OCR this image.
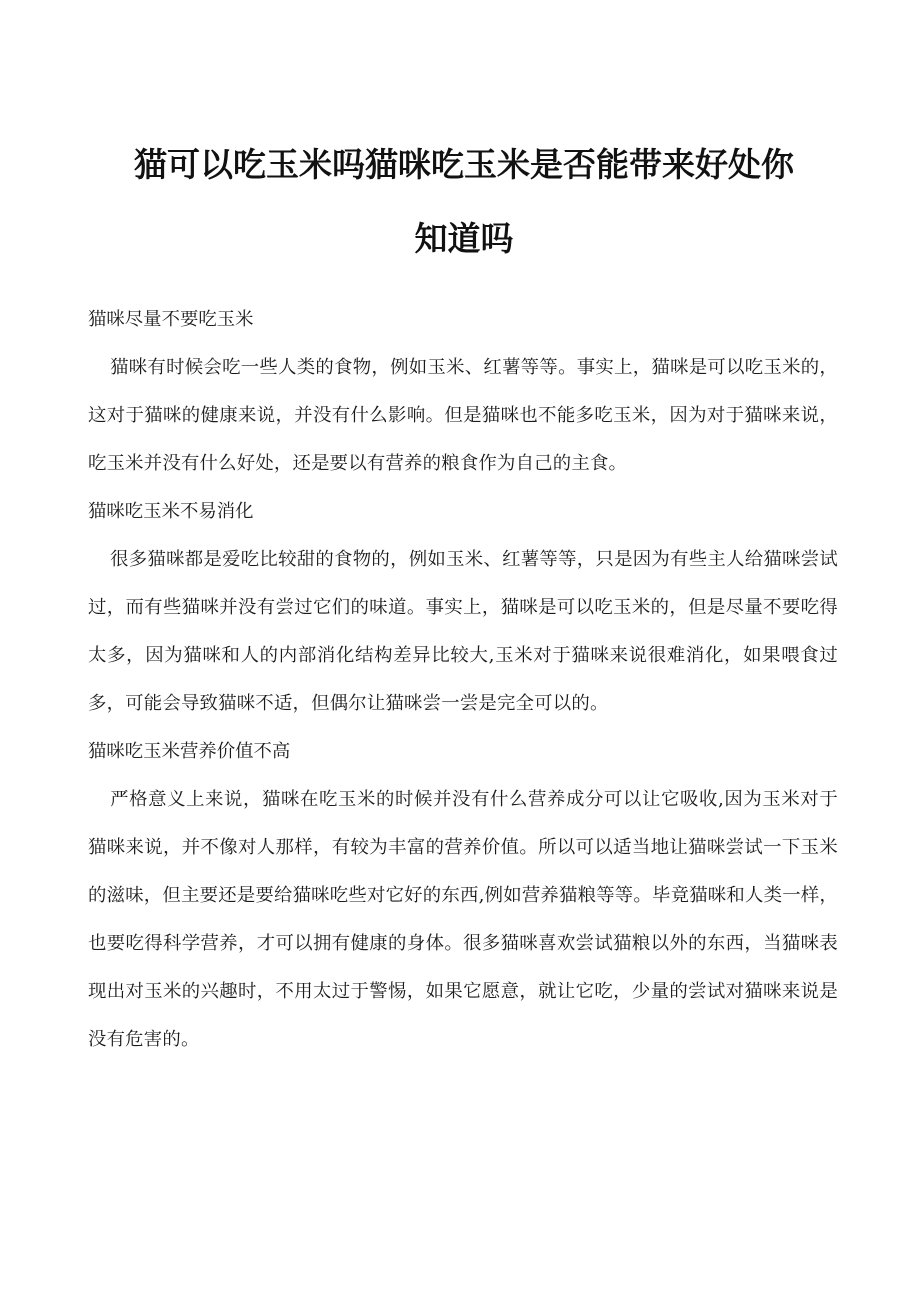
猫可以吃玉米吗猫咪吃玉米是否能带来好处你
知道吗
猫咪尽量不要吃玉米

猫咪有时候会吃一些人类的食物，例如玉米、红薯等等。事实上，猫咪是可以吃玉米的，这对于猫咪的健康来说，并没有什么影响。但是猫咪也不能多吃玉米，因为对于猫咪来说，吃玉米并没有什么好处，还是要以有营养的粮食作为自己的主食。

猫咪吃玉米不易消化

很多猫咪都是爱吃比较甜的食物的，例如玉米、红薯等等，只是因为有些主人给猫咪尝试过，而有些猫咪并没有尝过它们的味道。事实上，猫咪是可以吃玉米的，但是尽量不要吃得太多，因为猫咪和人的内部消化结构差异比较大,玉米对于猫咪来说很难消化，如果喂食过多，可能会导致猫咪不适，但偶尔让猫咪尝一尝是完全可以的。

猫咪吃玉米营养价值不高

严格意义上来说，猫咪在吃玉米的时候并没有什么营养成分可以让它吸收,因为玉米对于猫咪来说，并不像对人那样，有较为丰富的营养价值。所以可以适当地让猫咪尝试一下玉米的滋味，但主要还是要给猫咪吃些对它好的东西,例如营养猫粮等等。毕竟猫咪和人类一样，也要吃得科学营养，才可以拥有健康的身体。很多猫咪喜欢尝试猫粮以外的东西，当猫咪表现出对玉米的兴趣时，不用太过于警惕，如果它愿意，就让它吃，少量的尝试对猫咪来说是没有危害的。
